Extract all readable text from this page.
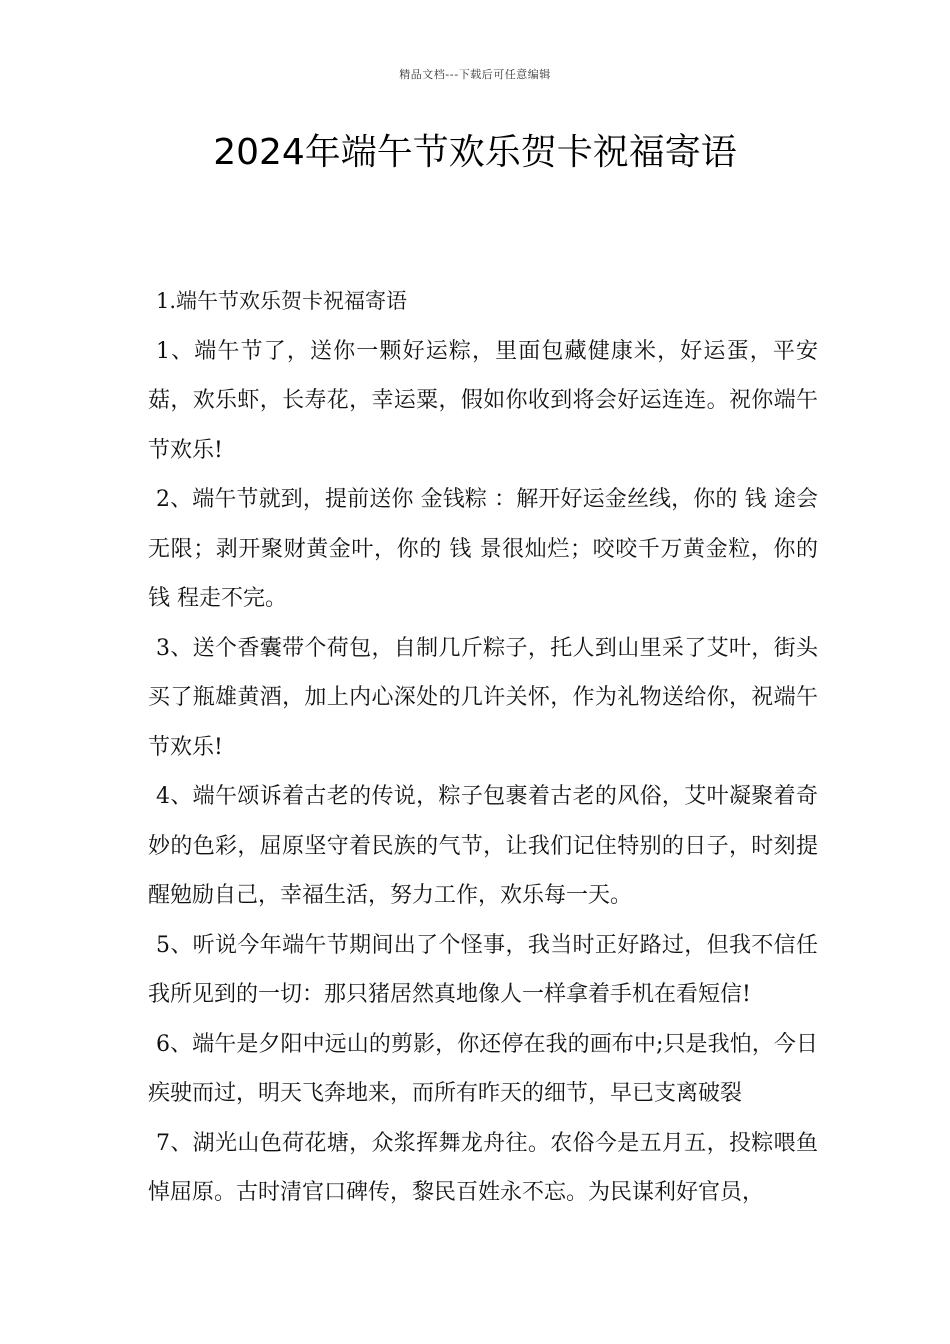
精品文档---下载后可任意编辑
2024年端午节欢乐贺卡祝福寄语

1.端午节欢乐贺卡祝福寄语

1、端午节了，送你一颗好运粽，里面包藏健康米，好运蛋，平安菇，欢乐虾，长寿花，幸运粟，假如你收到将会好运连连。祝你端午节欢乐!

2、端午节就到，提前送你 金钱粽 ：解开好运金丝线，你的 钱 途会无限；剥开聚财黄金叶，你的 钱 景很灿烂；咬咬千万黄金粒，你的 钱 程走不完。

3、送个香囊带个荷包，自制几斤粽子，托人到山里采了艾叶，街头买了瓶雄黄酒，加上内心深处的几许关怀，作为礼物送给你，祝端午节欢乐!

4、端午颂诉着古老的传说，粽子包裹着古老的风俗，艾叶凝聚着奇妙的色彩，屈原坚守着民族的气节，让我们记住特别的日子，时刻提醒勉励自己，幸福生活，努力工作，欢乐每一天。

5、听说今年端午节期间出了个怪事，我当时正好路过，但我不信任我所见到的一切：那只猪居然真地像人一样拿着手机在看短信!

6、端午是夕阳中远山的剪影，你还停在我的画布中;只是我怕，今日疾驶而过，明天飞奔地来，而所有昨天的细节，早已支离破裂

7、湖光山色荷花塘，众浆挥舞龙舟往。农俗今是五月五，投粽喂鱼悼屈原。古时清官口碑传，黎民百姓永不忘。为民谋利好官员，
